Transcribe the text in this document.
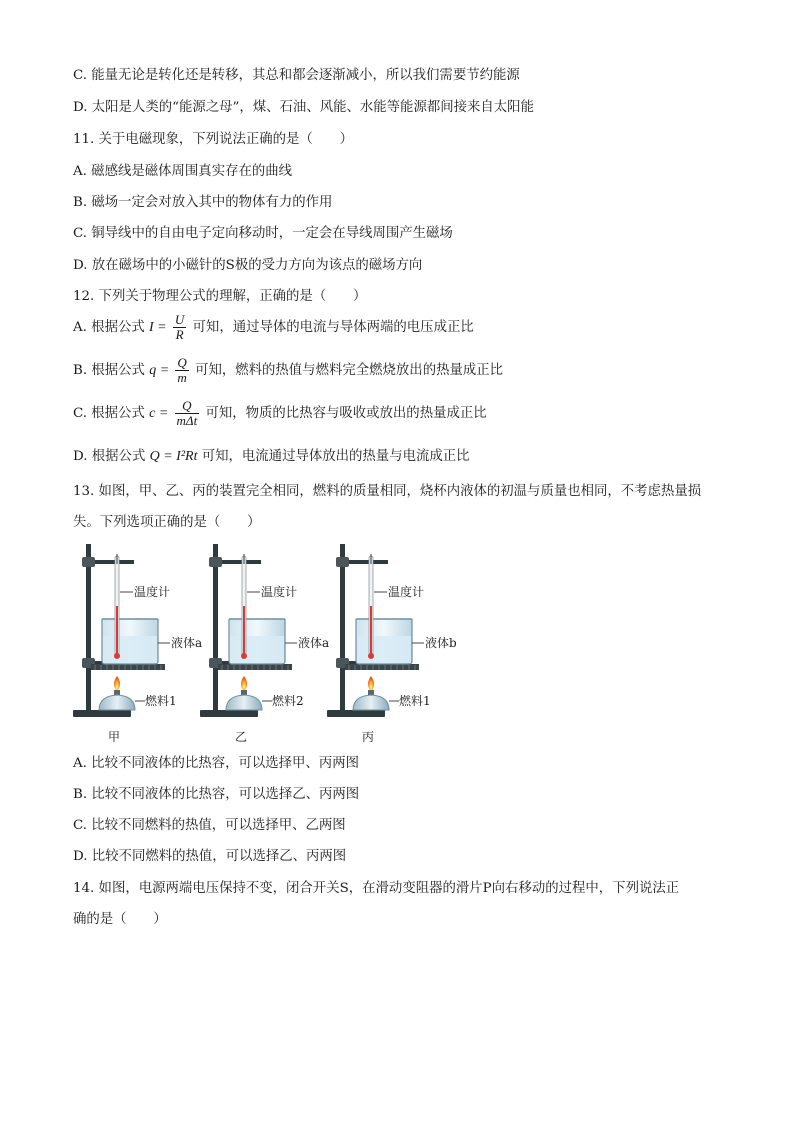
C. 能量无论是转化还是转移，其总和都会逐渐减小，所以我们需要节约能源
D. 太阳是人类的“能源之母”，煤、石油、风能、水能等能源都间接来自太阳能
11. 关于电磁现象，下列说法正确的是（　　）
A. 磁感线是磁体周围真实存在的曲线
B. 磁场一定会对放入其中的物体有力的作用
C. 铜导线中的自由电子定向移动时，一定会在导线周围产生磁场
D. 放在磁场中的小磁针的S极的受力方向为该点的磁场方向
12. 下列关于物理公式的理解，正确的是（　　）
A. 根据公式 $I = \frac{U}{R}$ 可知，通过导体的电流与导体两端的电压成正比
B. 根据公式 $q = \frac{Q}{m}$ 可知，燃料的热值与燃料完全燃烧放出的热量成正比
C. 根据公式 $c = \frac{Q}{\text{mΔt}}$ 可知，物质的比热容与吸收或放出的热量成正比
D. 根据公式 Q = I²Rt 可知，电流通过导体放出的热量与电流成正比
13. 如图，甲、乙、丙的装置完全相同，燃料的质量相同，烧杯内液体的初温与质量也相同，不考虑热量损
失。下列选项正确的是（　　）
温度计
液体a
燃料1
甲
温度计
液体a
燃料2
乙
温度计
液体b
燃料1
丙
A. 比较不同液体的比热容，可以选择甲、丙两图
B. 比较不同液体的比热容，可以选择乙、丙两图
C. 比较不同燃料的热值，可以选择甲、乙两图
D. 比较不同燃料的热值，可以选择乙、丙两图
14. 如图，电源两端电压保持不变，闭合开关S，在滑动变阻器的滑片P向右移动的过程中，下列说法正
确的是（　　）
